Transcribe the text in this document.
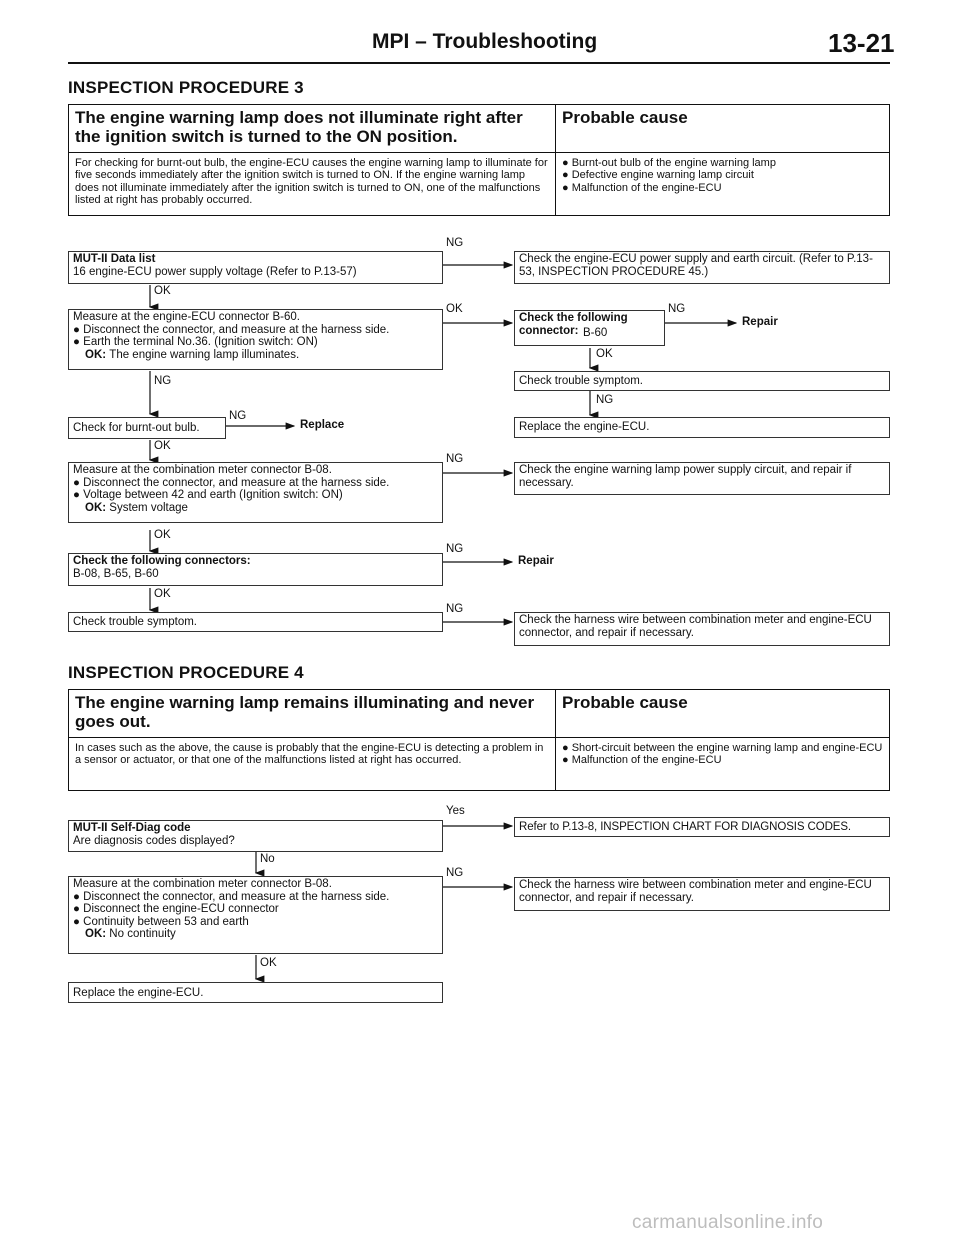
MPI – Troubleshooting	13-21
INSPECTION PROCEDURE 3
The engine warning lamp does not illuminate right after the ignition switch is turned to the ON position.
Probable cause
For checking for burnt-out bulb, the engine-ECU causes the engine warning lamp to illuminate for five seconds immediately after the ignition switch is turned to ON. If the engine warning lamp does not illuminate immediately after the ignition switch is turned to ON, one of the malfunctions listed at right has probably occurred.
● Burnt-out bulb of the engine warning lamp
● Defective engine warning lamp circuit
● Malfunction of the engine-ECU
MUT-II Data list
16 engine-ECU power supply voltage (Refer to P.13-57)
NG
Check the engine-ECU power supply and earth circuit. (Refer to P.13-53, INSPECTION PROCEDURE 45.)
OK
Measure at the engine-ECU connector B-60.
● Disconnect the connector, and measure at the harness side.
● Earth the terminal No.36. (Ignition switch: ON)
OK: The engine warning lamp illuminates.
OK
Check the following connector: B-60
NG
Repair
OK
Check trouble symptom.
NG
Replace the engine-ECU.
NG
Check for burnt-out bulb.
NG
Replace
OK
Measure at the combination meter connector B-08.
● Disconnect the connector, and measure at the harness side.
● Voltage between 42 and earth (Ignition switch: ON)
OK: System voltage
NG
Check the engine warning lamp power supply circuit, and repair if necessary.
OK
Check the following connectors:
B-08, B-65, B-60
NG
Repair
OK
Check trouble symptom.
NG
Check the harness wire between combination meter and engine-ECU connector, and repair if necessary.
INSPECTION PROCEDURE 4
The engine warning lamp remains illuminating and never goes out.
Probable cause
In cases such as the above, the cause is probably that the engine-ECU is detecting a problem in a sensor or actuator, or that one of the malfunctions listed at right has occurred.
● Short-circuit between the engine warning lamp and engine-ECU
● Malfunction of the engine-ECU
MUT-II Self-Diag code
Are diagnosis codes displayed?
Yes
Refer to P.13-8, INSPECTION CHART FOR DIAGNOSIS CODES.
No
Measure at the combination meter connector B-08.
● Disconnect the connector, and measure at the harness side.
● Disconnect the engine-ECU connector
● Continuity between 53 and earth
OK: No continuity
NG
Check the harness wire between combination meter and engine-ECU connector, and repair if necessary.
OK
Replace the engine-ECU.
carmanualsonline.info
